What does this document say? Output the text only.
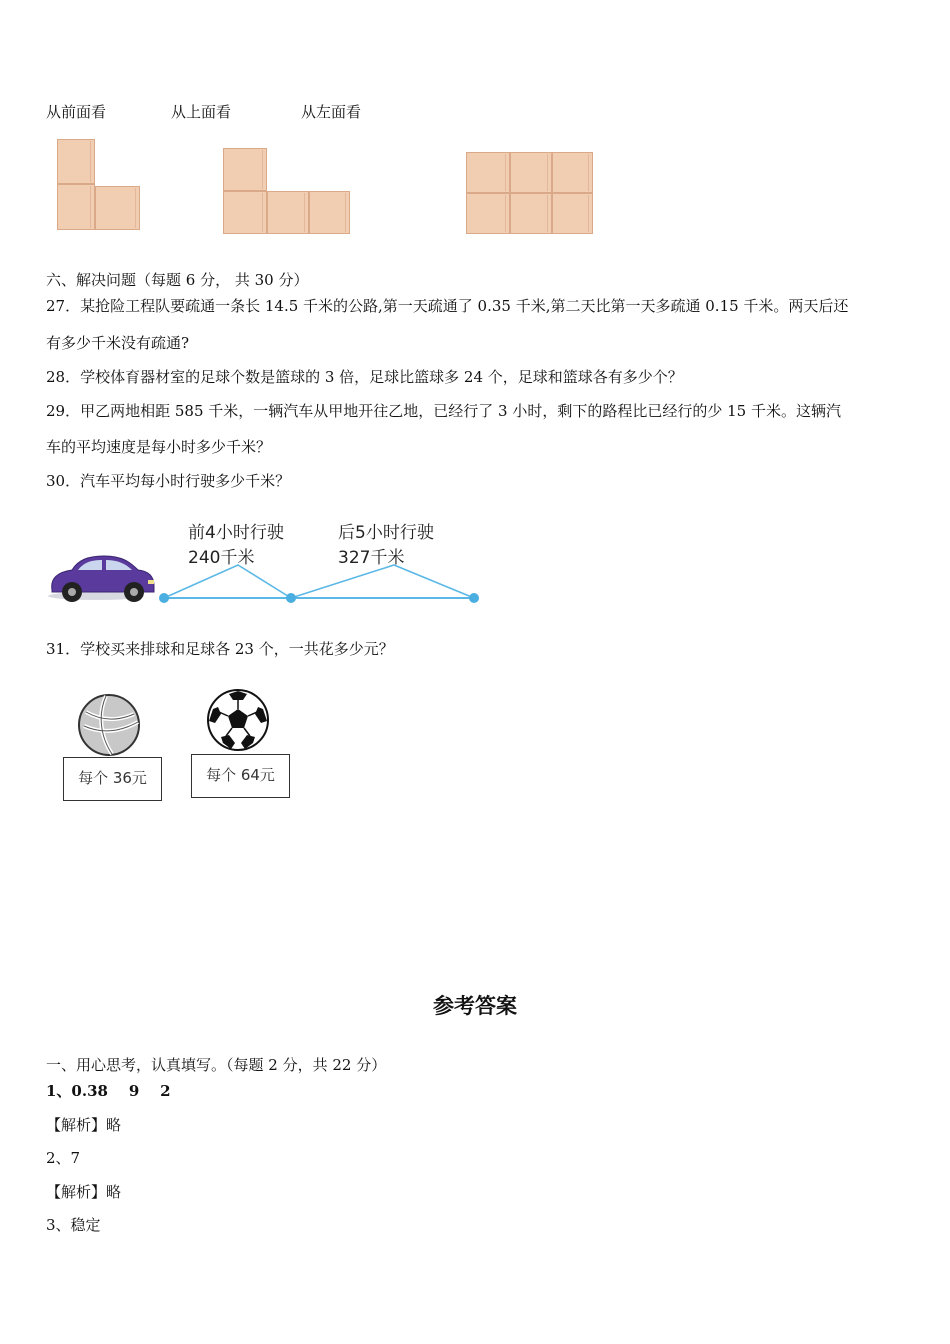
从前面看	从上面看	从左面看
六、解决问题（每题 6 分， 共 30 分）
27．某抢险工程队要疏通一条长 14.5 千米的公路,第一天疏通了 0.35 千米,第二天比第一天多疏通 0.15 千米。两天后还
有多少千米没有疏通?
28．学校体育器材室的足球个数是篮球的 3 倍，足球比篮球多 24 个，足球和篮球各有多少个？
29．甲乙两地相距 585 千米，一辆汽车从甲地开往乙地，已经行了 3 小时，剩下的路程比已经行的少 15 千米。这辆汽
车的平均速度是每小时多少千米？
30．汽车平均每小时行驶多少千米？
前4小时行驶
240千米
后5小时行驶
327千米
31．学校买来排球和足球各 23 个，一共花多少元？
每个 36元	每个 64元
参考答案
一、用心思考，认真填写。（每题 2 分，共 22 分）
1、0.38    9    2
【解析】略
2、7
【解析】略
3、稳定
